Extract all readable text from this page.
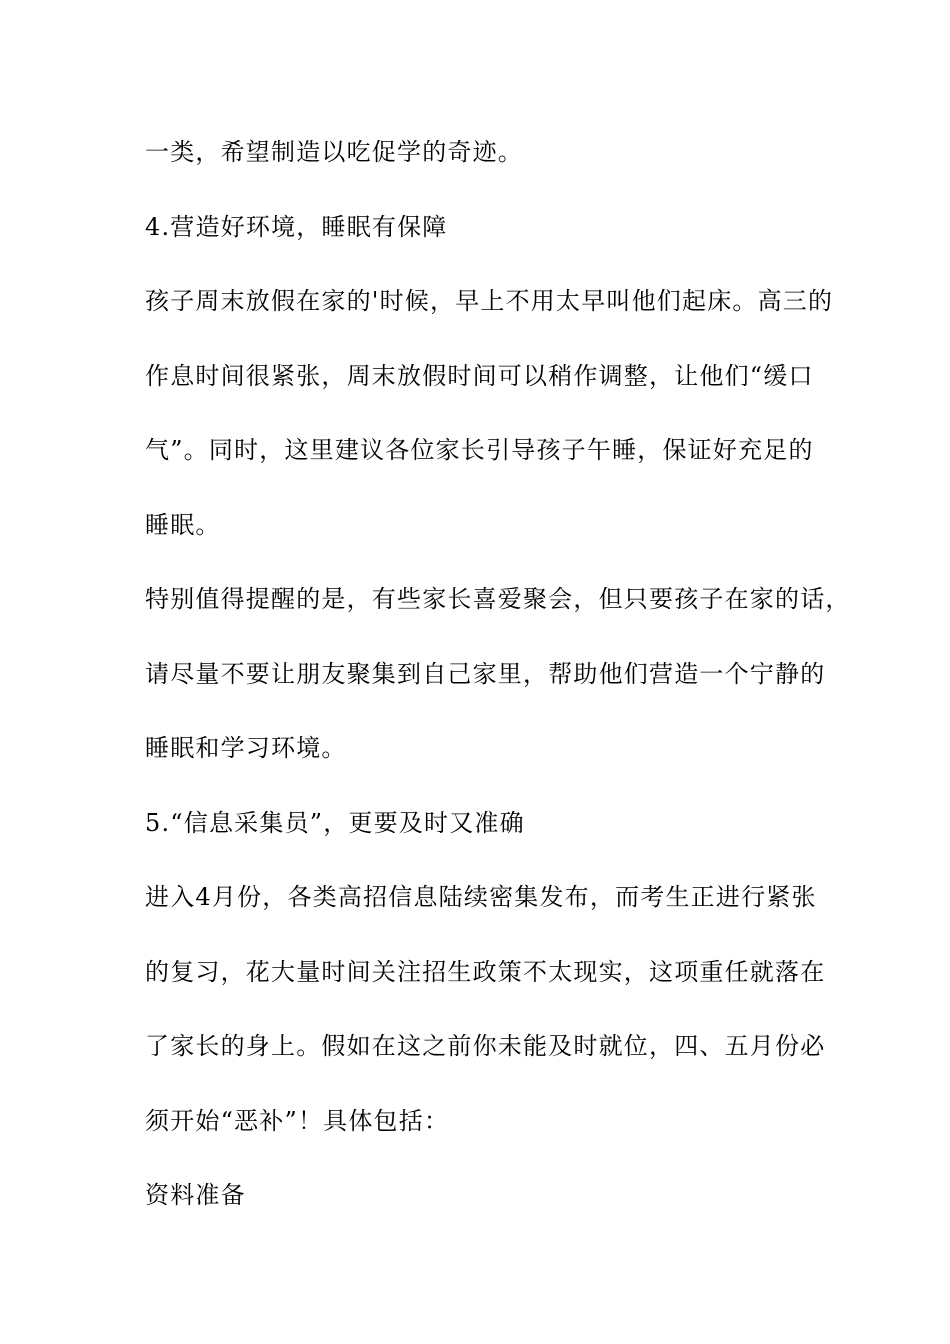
一类，希望制造以吃促学的奇迹。
4.营造好环境，睡眠有保障
孩子周末放假在家的'时候，早上不用太早叫他们起床。高三的
作息时间很紧张，周末放假时间可以稍作调整，让他们“缓口
气”。同时，这里建议各位家长引导孩子午睡，保证好充足的
睡眠。
特别值得提醒的是，有些家长喜爱聚会，但只要孩子在家的话，
请尽量不要让朋友聚集到自己家里，帮助他们营造一个宁静的
睡眠和学习环境。
5.“信息采集员”，更要及时又准确
进入4月份，各类高招信息陆续密集发布，而考生正进行紧张
的复习，花大量时间关注招生政策不太现实，这项重任就落在
了家长的身上。假如在这之前你未能及时就位，四、五月份必
须开始“恶补”！具体包括：
资料准备
